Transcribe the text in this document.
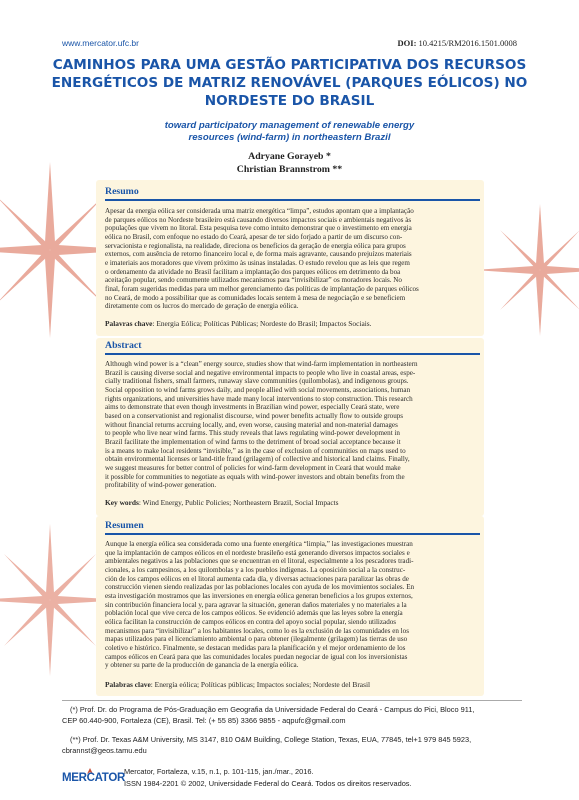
www.mercator.ufc.br	DOI: 10.4215/RM2016.1501.0008
CAMINHOS PARA UMA GESTÃO PARTICIPATIVA DOS RECURSOS
ENERGÉTICOS DE MATRIZ RENOVÁVEL (PARQUES EÓLICOS) NO
NORDESTE DO BRASIL
toward participatory management of renewable energy
resources (wind-farm) in northeastern Brazil
Adryane Gorayeb *
Christian Brannstrom **
Resumo
Apesar da energia eólica ser considerada uma matriz energética “limpa”, estudos apontam que a implantação
de parques eólicos no Nordeste brasileiro está causando diversos impactos sociais e ambientais negativos às
populações que vivem no litoral. Esta pesquisa teve como intuito demonstrar que o investimento em energia
eólica no Brasil, com enfoque no estado do Ceará, apesar de ter sido forjado a partir de um discurso con-
servacionista e regionalista, na realidade, direciona os benefícios da geração de energia eólica para grupos
externos, com ausência de retorno financeiro local e, de forma mais agravante, causando prejuízos materiais
e imateriais aos moradores que vivem próximo às usinas instaladas. O estudo revelou que as leis que regem
o ordenamento da atividade no Brasil facilitam a implantação dos parques eólicos em detrimento da boa
aceitação popular, sendo comumente utilizados mecanismos para “invisibilizar” os moradores locais. No
final, foram sugeridas medidas para um melhor gerenciamento das políticas de implantação de parques eólicos
no Ceará, de modo a possibilitar que as comunidades locais sentem à mesa de negociação e se beneficiem
diretamente com os lucros do mercado de geração de energia eólica.
Palavras chave: Energia Eólica; Políticas Públicas; Nordeste do Brasil; Impactos Sociais.
Abstract
Although wind power is a “clean” energy source, studies show that wind-farm implementation in northeastern
Brazil is causing diverse social and negative environmental impacts to people who live in coastal areas, espe-
cially traditional fishers, small farmers, runaway slave communities (quilombolas), and indigenous groups.
Social opposition to wind farms grows daily, and people allied with social movements, associations, human
rights organizations, and universities have made many local interventions to stop construction. This research
aims to demonstrate that even though investments in Brazilian wind power, especially Ceará state, were
based on a conservationist and regionalist discourse, wind power benefits actually flow to outside groups
without financial returns accruing locally, and, even worse, causing material and non-material damages
to people who live near wind farms. This study reveals that laws regulating wind-power development in
Brazil facilitate the implementation of wind farms to the detriment of broad social acceptance because it
is a means to make local residents “invisible,” as in the case of exclusion of communities on maps used to
obtain environmental licenses or land-title fraud (grilagem) of collective and historical land claims. Finally,
we suggest measures for better control of policies for wind-farm development in Ceará that would make
it possible for communities to negotiate as equals with wind-power investors and obtain benefits from the
profitability of wind-power generation.
Key words: Wind Energy, Public Policies; Northeastern Brazil, Social Impacts
Resumen
Aunque la energía eólica sea considerada como una fuente energética “limpia,” las investigaciones muestran
que la implantación de campos eólicos en el nordeste brasileño está generando diversos impactos sociales e
ambientales negativos a las poblaciones que se encuentran en el litoral, especialmente a los pescadores tradi-
cionales, a los campesinos, a los quilombolas y a los pueblos indígenas. La oposición social a la construc-
ción de los campos eólicos en el litoral aumenta cada día, y diversas actuaciones para paralizar las obras de
construcción vienen siendo realizadas por las poblaciones locales con ayuda de los movimientos sociales. En
esta investigación mostramos que las inversiones en energía eólica generan beneficios a los grupos externos,
sin contribución financiera local y, para agravar la situación, generan daños materiales y no materiales a la
población local que vive cerca de los campos eólicos. Se evidenció además que las leyes sobre la energía
eólica facilitan la construcción de campos eólicos en contra del apoyo social popular, siendo utilizados
mecanismos para “invisibilizar” a los habitantes locales, como lo es la exclusión de las comunidades en los
mapas utilizados para el licenciamiento ambiental o para obtener (ilegalmente (grilagem) las tierras de uso
coletivo e histórico. Finalmente, se destacan medidas para la planificación y el mejor ordenamiento de los
campos eólicos en Ceará para que las comunidades locales puedan negociar de igual con los inversionistas
y obtener su parte de la producción de ganancia de la energía eólica.
Palabras clave: Energía eólica; Políticas públicas; Impactos sociales; Nordeste del Brasil
(*) Prof. Dr. do Programa de Pós-Graduação em Geografia da Universidade Federal do Ceará - Campus do Pici, Bloco 911,
CEP 60.440-900, Fortaleza (CE), Brasil. Tel: (+ 55 85) 3366 9855 - aqpufc@gmail.com
(**) Prof. Dr. Texas A&M University, MS 3147, 810 O&M Building, College Station, Texas, EUA, 77845, tel+1 979 845 5923,
cbrannst@geos.tamu.edu
MERCATOR
Mercator, Fortaleza, v.15, n.1, p. 101-115, jan./mar., 2016.
ISSN 1984-2201 © 2002, Universidade Federal do Ceará. Todos os direitos reservados.
